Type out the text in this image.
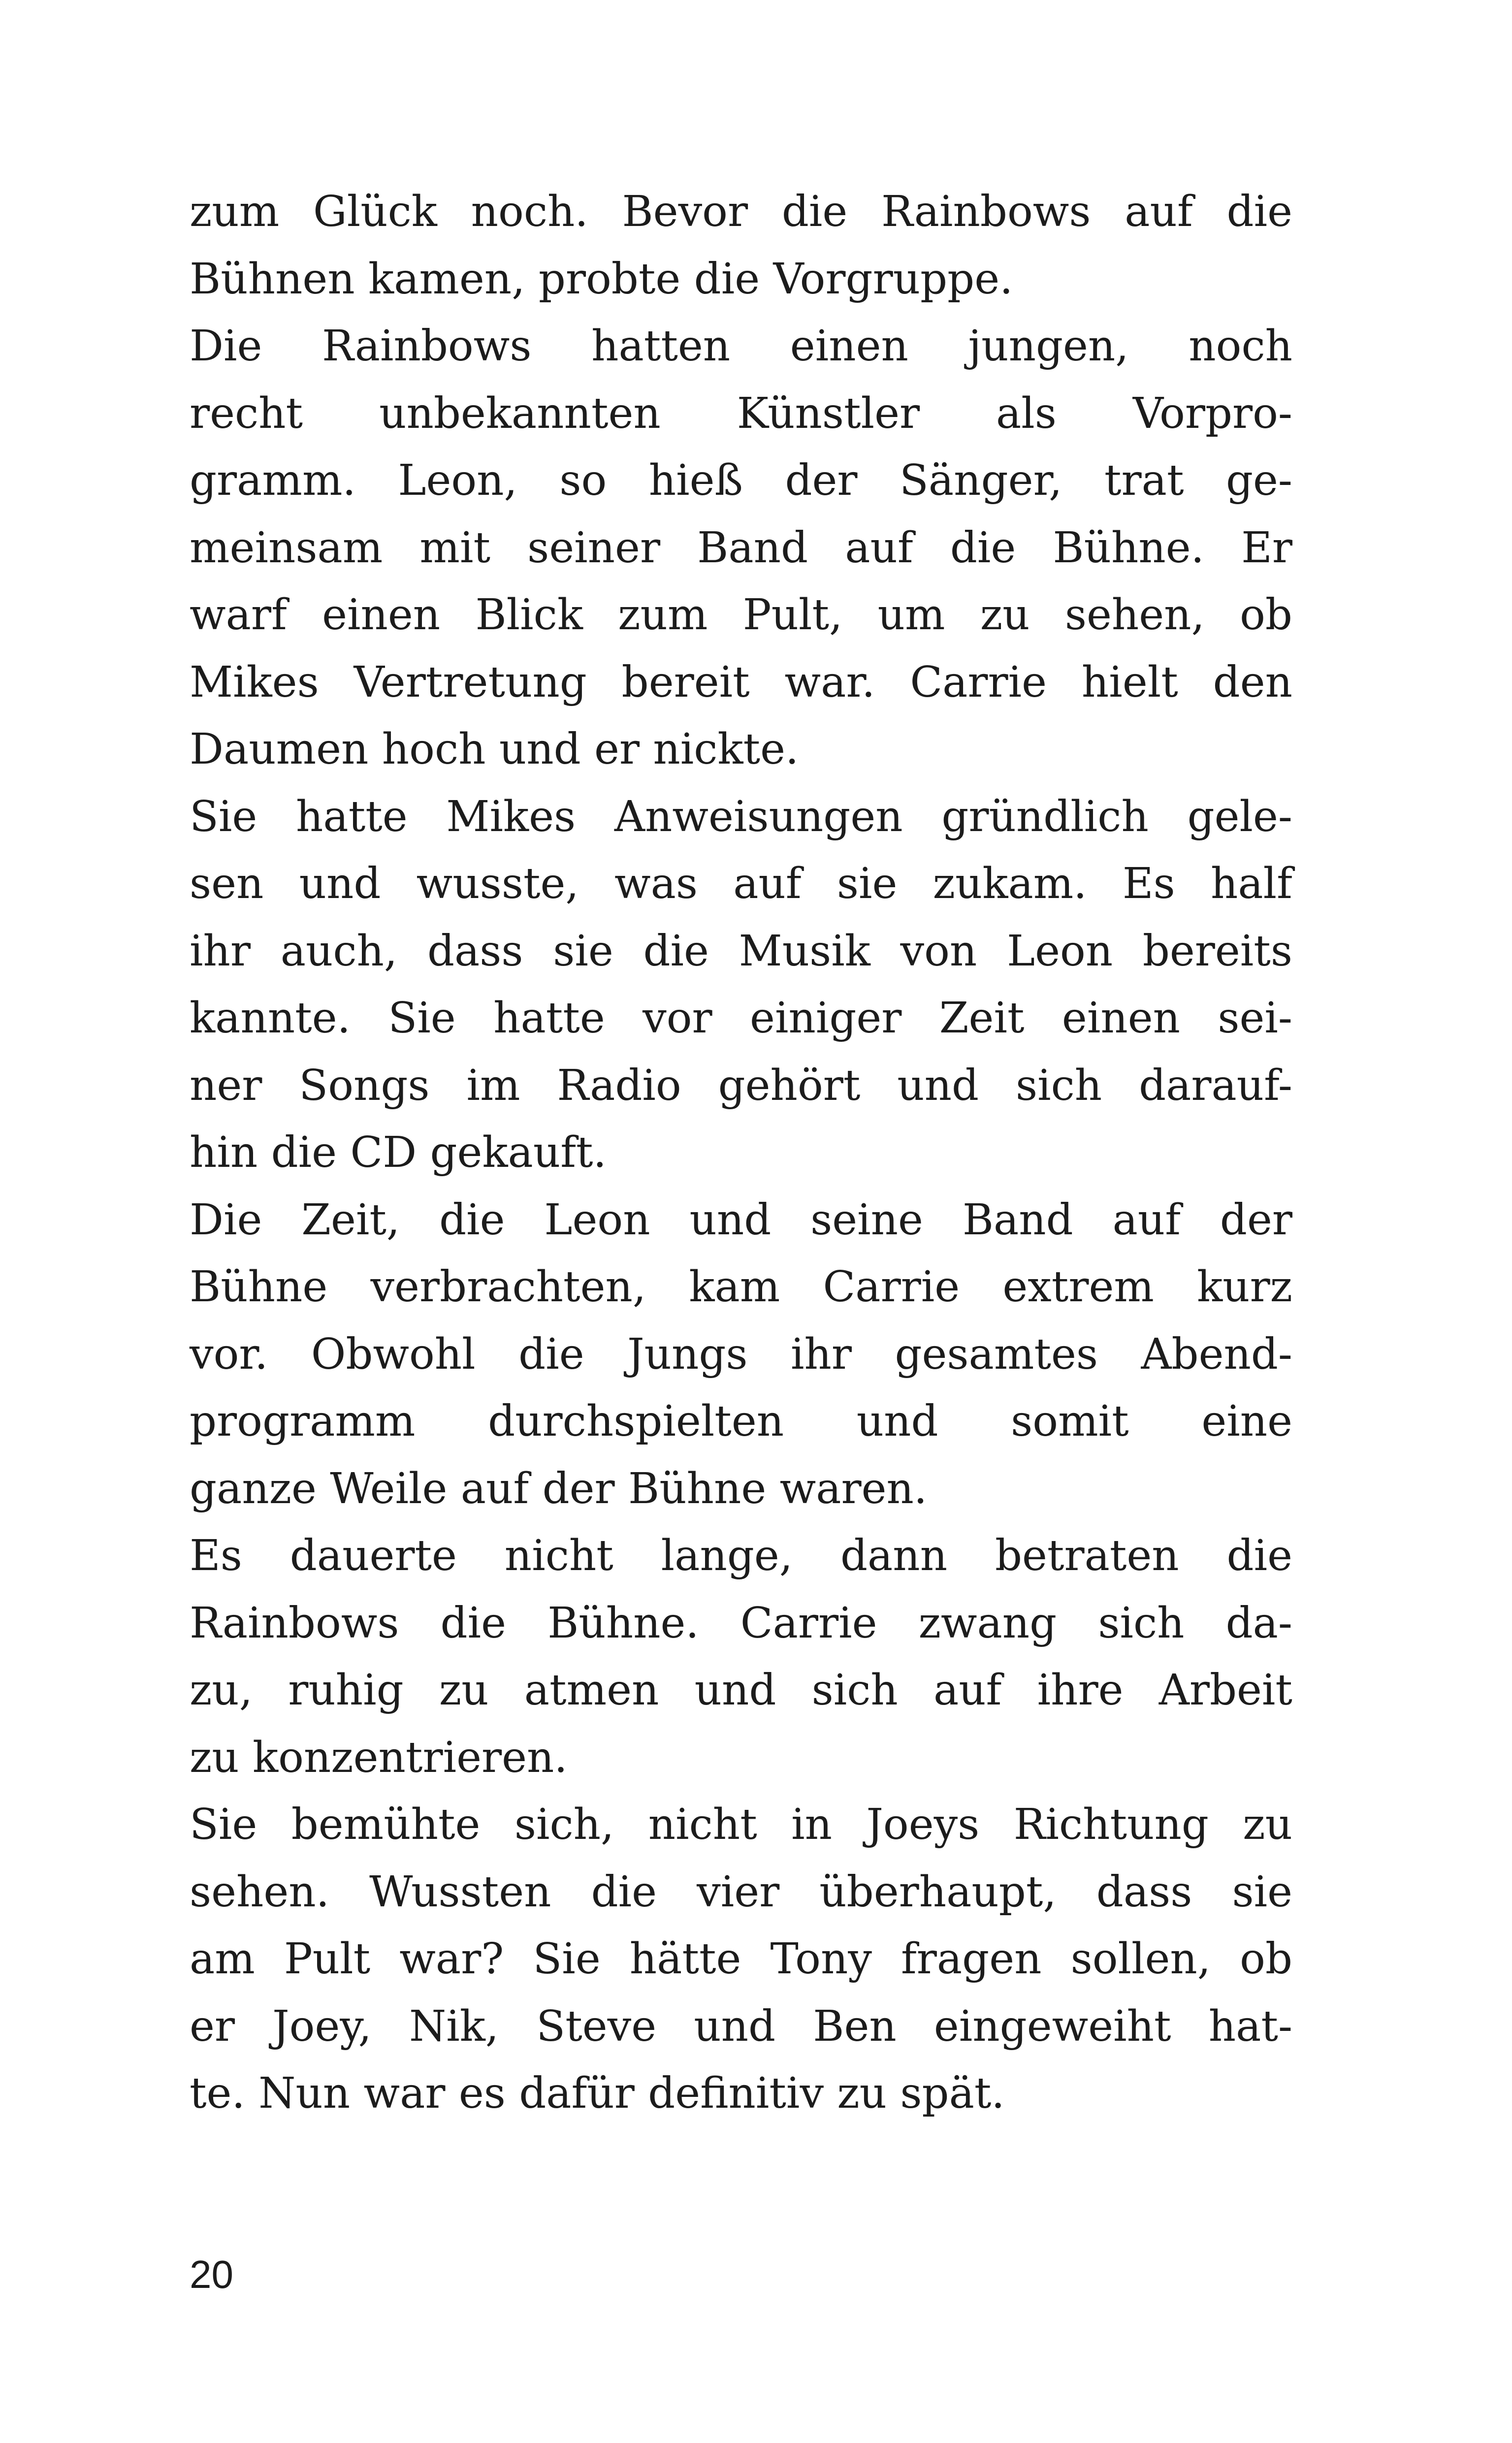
zum Glück noch. Bevor die Rainbows auf die
Bühnen kamen, probte die Vorgruppe.
Die Rainbows hatten einen jungen, noch
recht unbekannten Künstler als Vorpro-
gramm. Leon, so hieß der Sänger, trat ge-
meinsam mit seiner Band auf die Bühne. Er
warf einen Blick zum Pult, um zu sehen, ob
Mikes Vertretung bereit war. Carrie hielt den
Daumen hoch und er nickte.
Sie hatte Mikes Anweisungen gründlich gele-
sen und wusste, was auf sie zukam. Es half
ihr auch, dass sie die Musik von Leon bereits
kannte. Sie hatte vor einiger Zeit einen sei-
ner Songs im Radio gehört und sich darauf-
hin die CD gekauft.
Die Zeit, die Leon und seine Band auf der
Bühne verbrachten, kam Carrie extrem kurz
vor. Obwohl die Jungs ihr gesamtes Abend-
programm durchspielten und somit eine
ganze Weile auf der Bühne waren.
Es dauerte nicht lange, dann betraten die
Rainbows die Bühne. Carrie zwang sich da-
zu, ruhig zu atmen und sich auf ihre Arbeit
zu konzentrieren.
Sie bemühte sich, nicht in Joeys Richtung zu
sehen. Wussten die vier überhaupt, dass sie
am Pult war? Sie hätte Tony fragen sollen, ob
er Joey, Nik, Steve und Ben eingeweiht hat-
te. Nun war es dafür definitiv zu spät.
20
